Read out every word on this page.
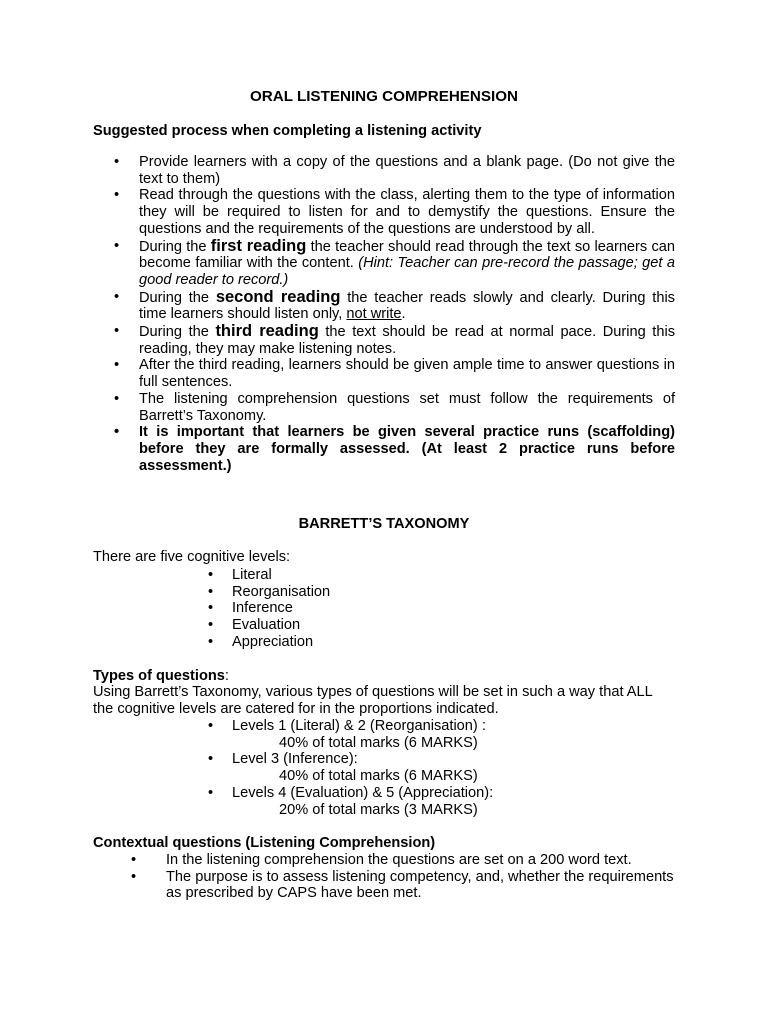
ORAL LISTENING COMPREHENSION
Suggested process when completing a listening activity
• Provide learners with a copy of the questions and a blank page. (Do not give the text to them)
• Read through the questions with the class, alerting them to the type of information they will be required to listen for and to demystify the questions. Ensure the questions and the requirements of the questions are understood by all.
• During the first reading the teacher should read through the text so learners can become familiar with the content. (Hint: Teacher can pre-record the passage; get a good reader to record.)
• During the second reading the teacher reads slowly and clearly. During this time learners should listen only, not write.
• During the third reading the text should be read at normal pace. During this reading, they may make listening notes.
• After the third reading, learners should be given ample time to answer questions in full sentences.
• The listening comprehension questions set must follow the requirements of Barrett’s Taxonomy.
• It is important that learners be given several practice runs (scaffolding) before they are formally assessed. (At least 2 practice runs before assessment.)
BARRETT’S TAXONOMY
There are five cognitive levels:
• Literal
• Reorganisation
• Inference
• Evaluation
• Appreciation
Types of questions:
Using Barrett’s Taxonomy, various types of questions will be set in such a way that ALL the cognitive levels are catered for in the proportions indicated.
• Levels 1 (Literal) & 2 (Reorganisation) :
40% of total marks (6 MARKS)
• Level 3 (Inference):
40% of total marks (6 MARKS)
• Levels 4 (Evaluation) & 5 (Appreciation):
20% of total marks (3 MARKS)
Contextual questions (Listening Comprehension)
• In the listening comprehension the questions are set on a 200 word text.
• The purpose is to assess listening competency, and, whether the requirements as prescribed by CAPS have been met.
